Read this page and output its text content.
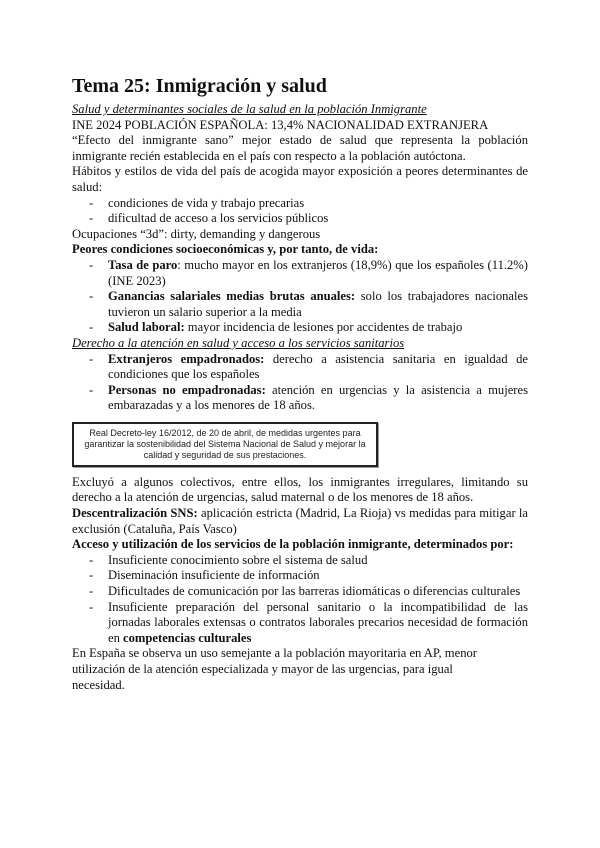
Tema 25: Inmigración y salud

Salud y determinantes sociales de la salud en la población Inmigrante

INE 2024 POBLACIÓN ESPAÑOLA: 13,4% NACIONALIDAD EXTRANJERA

“Efecto del inmigrante sano” mejor estado de salud que representa la población inmigrante recién establecida en el país con respecto a la población autóctona.

Hábitos y estilos de vida del país de acogida mayor exposición a peores determinantes de salud:

- condiciones de vida y trabajo precarias
- dificultad de acceso a los servicios públicos

Ocupaciones “3d”: dirty, demanding y dangerous

Peores condiciones socioeconómicas y, por tanto, de vida:

- Tasa de paro: mucho mayor en los extranjeros (18,9%) que los españoles (11.2%) (INE 2023)
- Ganancias salariales medias brutas anuales: solo los trabajadores nacionales tuvieron un salario superior a la media
- Salud laboral: mayor incidencia de lesiones por accidentes de trabajo

Derecho a la atención en salud y acceso a los servicios sanitarios

- Extranjeros empadronados: derecho a asistencia sanitaria en igualdad de condiciones que los españoles
- Personas no empadronadas: atención en urgencias y la asistencia a mujeres embarazadas y a los menores de 18 años.
Real Decreto-ley 16/2012, de 20 de abril, de medidas urgentes para garantizar la sostenibilidad del Sistema Nacional de Salud y mejorar la calidad y seguridad de sus prestaciones.

Excluyó a algunos colectivos, entre ellos, los inmigrantes irregulares, limitando su derecho a la atención de urgencias, salud maternal o de los menores de 18 años.

Descentralización SNS: aplicación estricta (Madrid, La Rioja) vs medidas para mitigar la exclusión (Cataluña, País Vasco)

Acceso y utilización de los servicios de la población inmigrante, determinados por:

- Insuficiente conocimiento sobre el sistema de salud
- Diseminación insuficiente de información
- Dificultades de comunicación por las barreras idiomáticas o diferencias culturales
- Insuficiente preparación del personal sanitario o la incompatibilidad de las jornadas laborales extensas o contratos laborales precarios necesidad de formación en competencias culturales

En España se observa un uso semejante a la población mayoritaria en AP, menor

utilización de la atención especializada y mayor de las urgencias, para igual

necesidad.
